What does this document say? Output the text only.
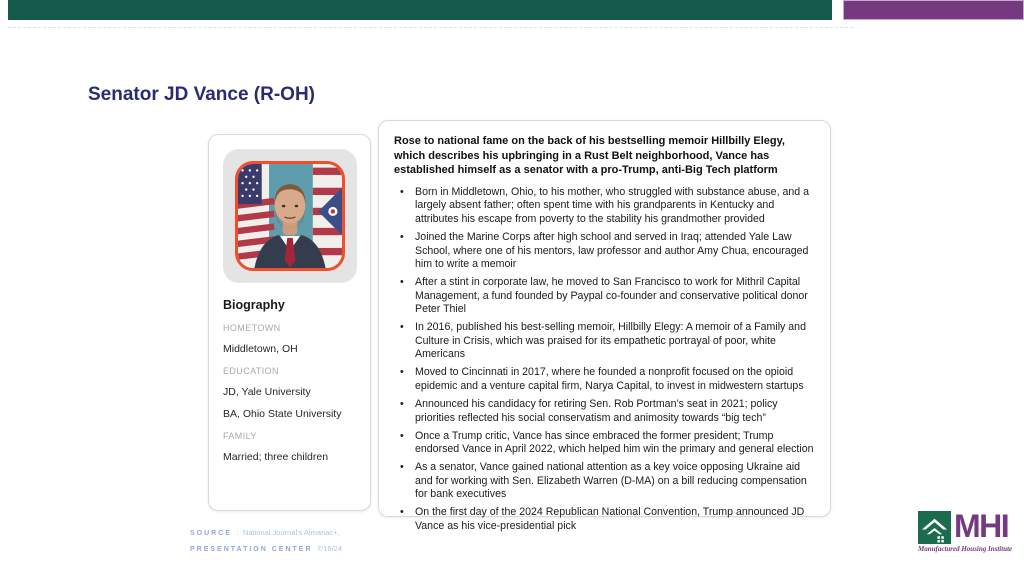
Senator JD Vance (R-OH)
Biography
HOMETOWN
Middletown, OH
EDUCATION
JD, Yale University
BA, Ohio State University
FAMILY
Married; three children

Rose to national fame on the back of his bestselling memoir Hillbilly Elegy, which describes his upbringing in a Rust Belt neighborhood, Vance has established himself as a senator with a pro-Trump, anti-Big Tech platform

• Born in Middletown, Ohio, to his mother, who struggled with substance abuse, and a largely absent father; often spent time with his grandparents in Kentucky and attributes his escape from poverty to the stability his grandmother provided
• Joined the Marine Corps after high school and served in Iraq; attended Yale Law School, where one of his mentors, law professor and author Amy Chua, encouraged him to write a memoir
• After a stint in corporate law, he moved to San Francisco to work for Mithril Capital Management, a fund founded by Paypal co-founder and conservative political donor Peter Thiel
• In 2016, published his best-selling memoir, Hillbilly Elegy: A memoir of a Family and Culture in Crisis, which was praised for its empathetic portrayal of poor, white Americans
• Moved to Cincinnati in 2017, where he founded a nonprofit focused on the opioid epidemic and a venture capital firm, Narya Capital, to invest in midwestern startups
• Announced his candidacy for retiring Sen. Rob Portman’s seat in 2021; policy priorities reflected his social conservatism and animosity towards “big tech”
• Once a Trump critic, Vance has since embraced the former president; Trump endorsed Vance in April 2022, which helped him win the primary and general election
• As a senator, Vance gained national attention as a key voice opposing Ukraine aid and for working with Sen. Elizabeth Warren (D-MA) on a bill reducing compensation for bank executives
• On the first day of the 2024 Republican National Convention, Trump announced JD Vance as his vice-presidential pick
SOURCE : National Journal's Almanac+,
PRESENTATION CENTER 7/16/24
MHI
Manufactured Housing Institute
